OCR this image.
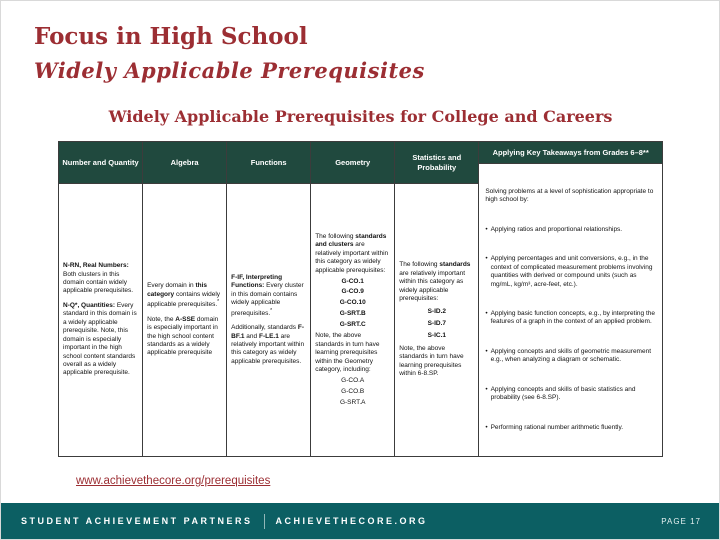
Focus in High School
Widely Applicable Prerequisites
Widely Applicable Prerequisites for College and Careers
Number and Quantity
N-RN, Real Numbers: Both clusters in this domain contain widely applicable prerequisites.
N-Q*, Quantities: Every standard in this domain is a widely applicable prerequisite. Note, this domain is especially important in the high school content standards overall as a widely applicable prerequisite.
Algebra
Every domain in this category contains widely applicable prerequisites.*
Note, the A-SSE domain is especially important in the high school content standards as a widely applicable prerequisite
Functions
F-IF, Interpreting Functions: Every cluster in this domain contains widely applicable prerequisites.*
Additionally, standards F-BF.1 and F-LE.1 are relatively important within this category as widely applicable prerequisites.
Geometry
The following standards and clusters are relatively important within this category as widely applicable prerequisites:
G-CO.1
G-CO.9
G-CO.10
G-SRT.B
G-SRT.C
Note, the above standards in turn have learning prerequisites within the Geometry category, including:
G-CO.A
G-CO.B
G-SRT.A
Statistics and Probability
The following standards are relatively important within this category as widely applicable prerequisites:
S-ID.2
S-ID.7
S-IC.1
Note, the above standards in turn have learning prerequisites within 6-8.SP.
Applying Key Takeaways from Grades 6–8**
Solving problems at a level of sophistication appropriate to high school by:
• Applying ratios and proportional relationships.
• Applying percentages and unit conversions, e.g., in the context of complicated measurement problems involving quantities with derived or compound units (such as mg/mL, kg/m³, acre-feet, etc.).
• Applying basic function concepts, e.g., by interpreting the features of a graph in the context of an applied problem.
• Applying concepts and skills of geometric measurement e.g., when analyzing a diagram or schematic.
• Applying concepts and skills of basic statistics and probability (see 6-8.SP).
• Performing rational number arithmetic fluently.
www.achievethecore.org/prerequisites
STUDENT ACHIEVEMENT PARTNERS	ACHIEVETHECORE.ORG	PAGE 17
